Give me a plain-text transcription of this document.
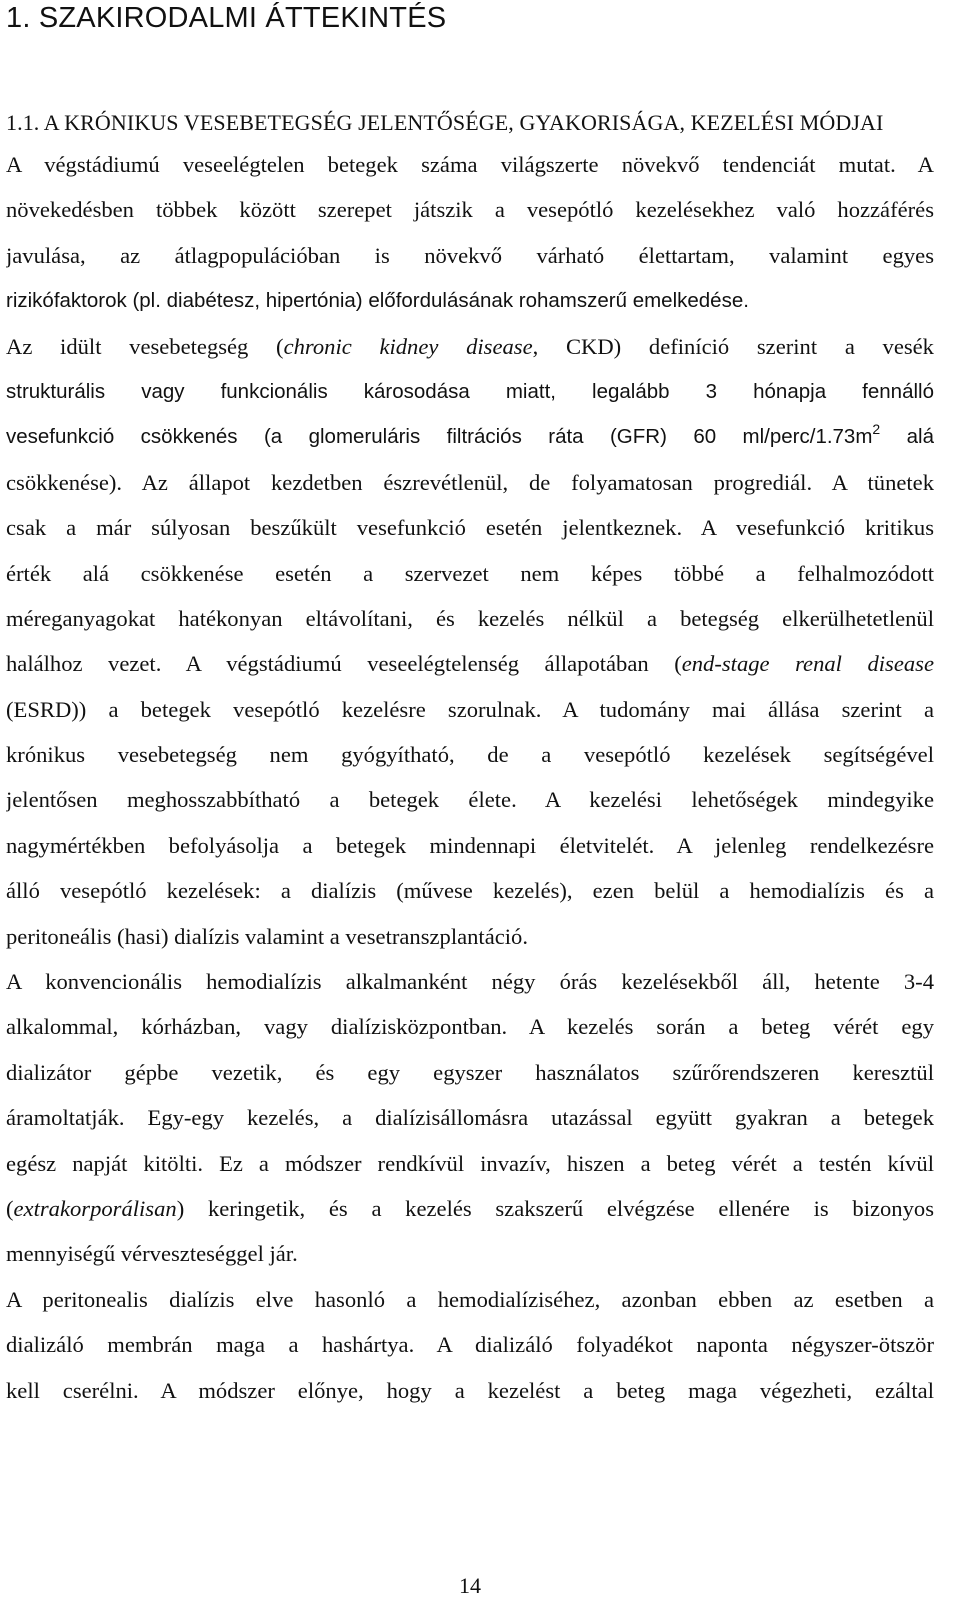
1. SZAKIRODALMI ÁTTEKINTÉS
1.1. A KRÓNIKUS VESEBETEGSÉG JELENTŐSÉGE, GYAKORISÁGA, KEZELÉSI MÓDJAI
A végstádiumú veseelégtelen betegek száma világszerte növekvő tendenciát mutat. A
növekedésben többek között szerepet játszik a vesepótló kezelésekhez való hozzáférés
javulása, az átlagpopulációban is növekvő várható élettartam, valamint egyes
rizikófaktorok (pl. diabétesz, hipertónia) előfordulásának rohamszerű emelkedése.
Az idült vesebetegség (chronic kidney disease, CKD) definíció szerint a vesék
strukturális vagy funkcionális károsodása miatt, legalább 3 hónapja fennálló
vesefunkció csökkenés (a glomeruláris filtrációs ráta (GFR) 60 $ml/perc/1.73m^2$ alá
csökkenése). Az állapot kezdetben észrevétlenül, de folyamatosan progrediál. A tünetek
csak a már súlyosan beszűkült vesefunkció esetén jelentkeznek. A vesefunkció kritikus
érték alá csökkenése esetén a szervezet nem képes többé a felhalmozódott
méreganyagokat hatékonyan eltávolítani, és kezelés nélkül a betegség elkerülhetetlenül
halálhoz vezet. A végstádiumú veseelégtelenség állapotában (end-stage renal disease
(ESRD)) a betegek vesepótló kezelésre szorulnak. A tudomány mai állása szerint a
krónikus vesebetegség nem gyógyítható, de a vesepótló kezelések segítségével
jelentősen meghosszabbítható a betegek élete. A kezelési lehetőségek mindegyike
nagymértékben befolyásolja a betegek mindennapi életvitelét. A jelenleg rendelkezésre
álló vesepótló kezelések: a dialízis (művese kezelés), ezen belül a hemodialízis és a
peritoneális (hasi) dialízis valamint a vesetranszplantáció.
A konvencionális hemodialízis alkalmanként négy órás kezelésekből áll, hetente 3-4
alkalommal, kórházban, vagy dialízisközpontban. A kezelés során a beteg vérét egy
dializátor gépbe vezetik, és egy egyszer használatos szűrőrendszeren keresztül
áramoltatják. Egy-egy kezelés, a dialízisállomásra utazással együtt gyakran a betegek
egész napját kitölti. Ez a módszer rendkívül invazív, hiszen a beteg vérét a testén kívül
(extrakorporálisan) keringetik, és a kezelés szakszerű elvégzése ellenére is bizonyos
mennyiségű vérveszteséggel jár.
A peritonealis dialízis elve hasonló a hemodialíziséhez, azonban ebben az esetben a
dializáló membrán maga a hashártya. A dializáló folyadékot naponta négyszer-ötször
kell cserélni. A módszer előnye, hogy a kezelést a beteg maga végezheti, ezáltal
14
